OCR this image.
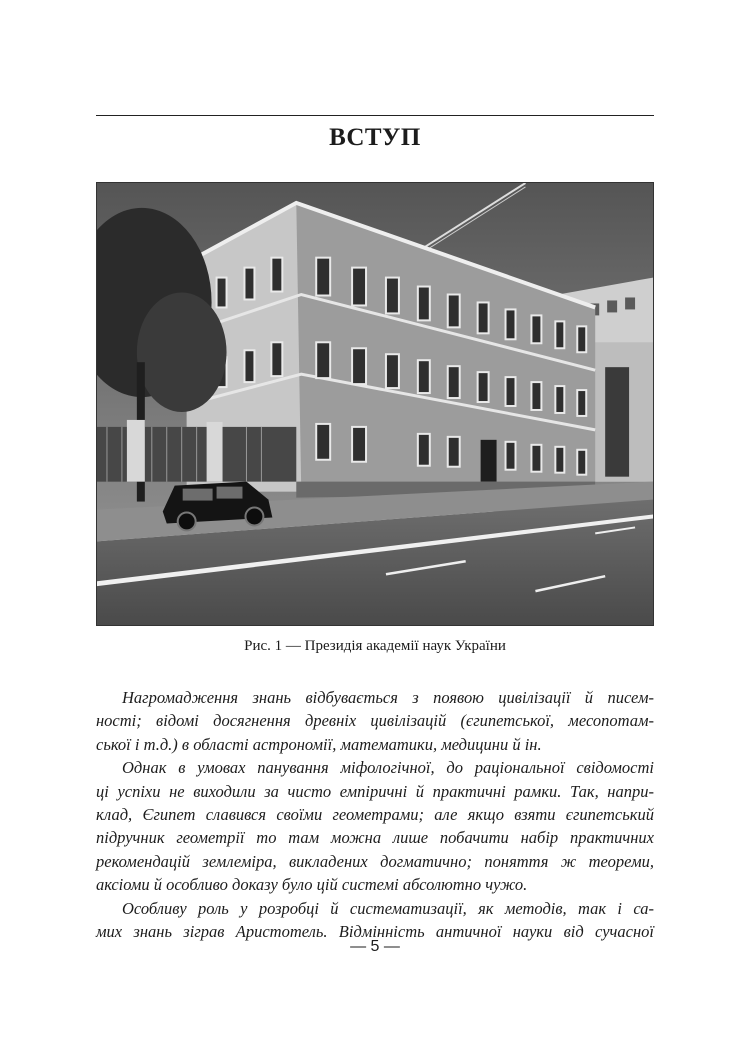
ВСТУП
Рис. 1 — Президія академії наук України

Нагромадження знань відбувається з появою цивілізації й писем-
ності; відомі досягнення древніх цивілізацій (єгипетської, месопотам-
ської і т.д.) в області астрономії, математики, медицини й ін.

Однак в умовах панування міфологічної, до раціональної свідомості
ці успіхи не виходили за чисто емпіричні й практичні рамки. Так, напри-
клад, Єгипет славився своїми геометрами; але якщо взяти єгипетський
підручник геометрії то там можна лише побачити набір практичних
рекомендацій землеміра, викладених догматично; поняття ж теореми,
аксіоми й особливо доказу було цій системі абсолютно чужо.

Особливу роль у розробці й систематизації, як методів, так і са-
мих знань зіграв Аристотель. Відмінність античної науки від сучасної

— 5 —
